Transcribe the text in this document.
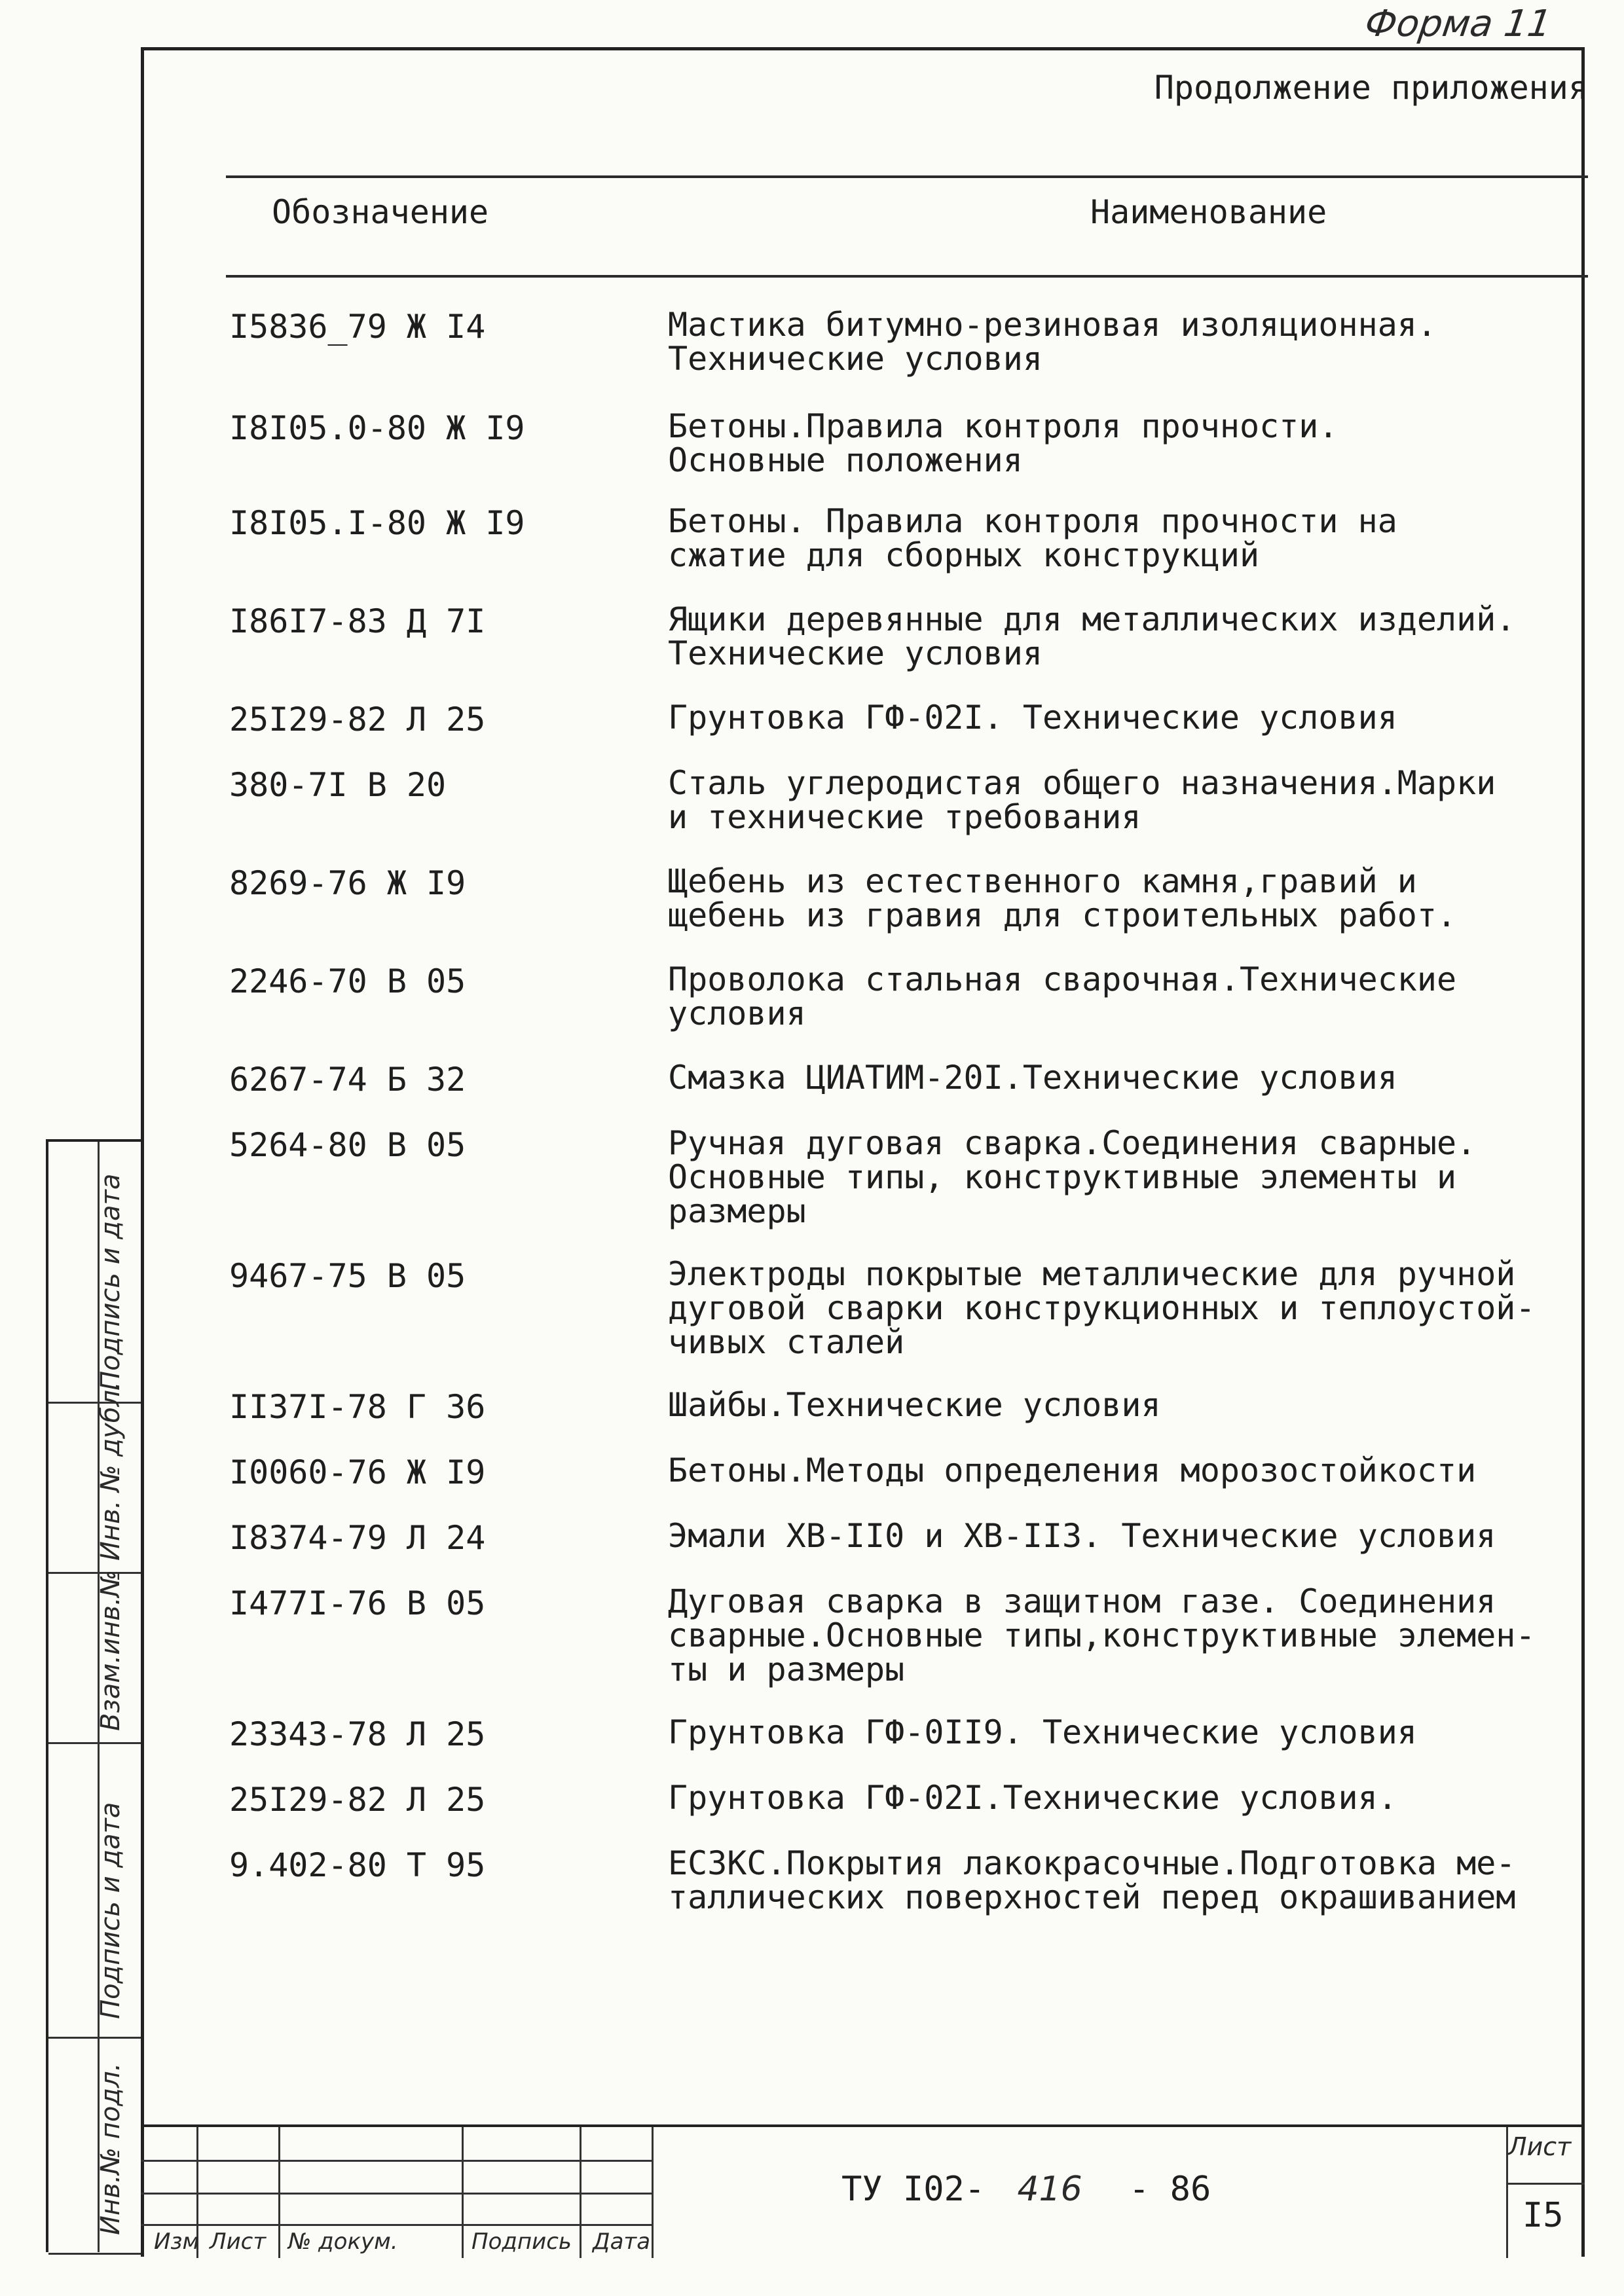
Форма 11
Продолжение приложения
Обозначение	Наименование
I5836_79 Ж I4	Мастика битумно-резиновая изоляционная.
Технические условия
I8I05.0-80 Ж I9	Бетоны.Правила контроля прочности.
Основные положения
I8I05.I-80 Ж I9	Бетоны. Правила контроля прочности на
сжатие для сборных конструкций
I86I7-83 Д 7I	Ящики деревянные для металлических изделий.
Технические условия
25I29-82 Л 25	Грунтовка ГФ-02I. Технические условия
380-7I В 20	Сталь углеродистая общего назначения.Марки
и технические требования
8269-76 Ж I9	Щебень из естественного камня,гравий и
щебень из гравия для строительных работ.
2246-70 В 05	Проволока стальная сварочная.Технические
условия
6267-74 Б 32	Смазка ЦИАТИМ-20I.Технические условия
5264-80 В 05	Ручная дуговая сварка.Соединения сварные.
Основные типы, конструктивные элементы и
размеры
9467-75 В 05	Электроды покрытые металлические для ручной
дуговой сварки конструкционных и теплоустой-
чивых сталей
II37I-78 Г 36	Шайбы.Технические условия
I0060-76 Ж I9	Бетоны.Методы определения морозостойкости
I8374-79 Л 24	Эмали ХВ-II0 и ХВ-II3. Технические условия
I477I-76 В 05	Дуговая сварка в защитном газе. Соединения
сварные.Основные типы,конструктивные элемен-
ты и размеры
23343-78 Л 25	Грунтовка ГФ-0II9. Технические условия
25I29-82 Л 25	Грунтовка ГФ-02I.Технические условия.
9.402-80 Т 95	ЕСЗКС.Покрытия лакокрасочные.Подготовка ме-
таллических поверхностей перед окрашиванием
Подпись и дата
Инв. № дубл.
Взам.инв.№
Подпись и дата
Инв.№ подл.
Изм Лист № докум.	Подпись Дата
ТУ I02- 416 - 86
Лист
I5
